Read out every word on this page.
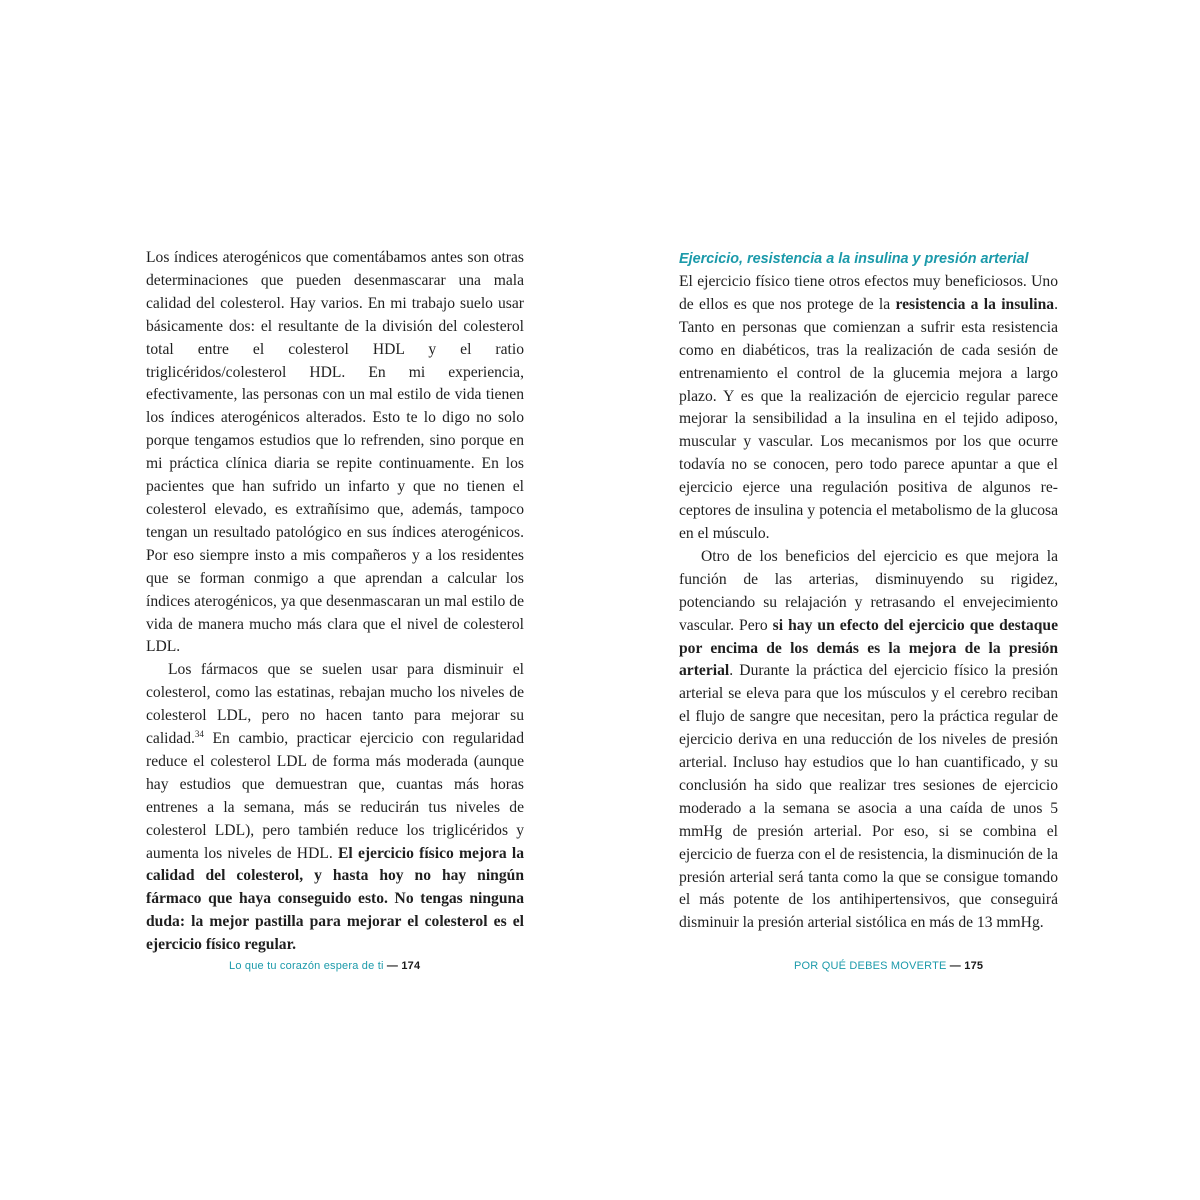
Los índices aterogénicos que comentábamos antes son otras determinaciones que pueden desenmascarar una mala calidad del colesterol. Hay varios. En mi trabajo suelo usar básicamente dos: el resultante de la división del colesterol total entre el colesterol HDL y el ratio triglicéridos/colesterol HDL. En mi experiencia, efectivamente, las personas con un mal estilo de vida tienen los índices aterogénicos alterados. Esto te lo digo no solo porque tengamos estudios que lo refrenden, sino porque en mi práctica clínica diaria se repite continuamente. En los pacientes que han sufrido un infarto y que no tienen el colesterol elevado, es extrañísimo que, además, tampoco tengan un resultado patológico en sus índices aterogénicos. Por eso siempre insto a mis compañeros y a los residentes que se forman conmigo a que aprendan a calcular los índices aterogénicos, ya que desenmascaran un mal estilo de vida de manera mucho más clara que el nivel de colesterol LDL.

Los fármacos que se suelen usar para disminuir el colesterol, como las estatinas, rebajan mucho los niveles de colesterol LDL, pero no hacen tanto para mejorar su calidad.$^{34}$ En cambio, practicar ejercicio con regularidad reduce el colesterol LDL de forma más moderada (aunque hay estudios que demuestran que, cuantas más horas entrenes a la semana, más se reducirán tus niveles de colesterol LDL), pero también reduce los triglicéridos y aumenta los niveles de HDL. El ejercicio físico mejora la calidad del colesterol, y hasta hoy no hay ningún fármaco que haya conseguido esto. No tengas ninguna duda: la mejor pastilla para mejorar el colesterol es el ejercicio físico regular.

Ejercicio, resistencia a la insulina y presión arterial

El ejercicio físico tiene otros efectos muy beneficiosos. Uno de ellos es que nos protege de la resistencia a la insulina. Tanto en personas que comienzan a sufrir esta resistencia como en diabéticos, tras la realización de cada sesión de entrenamiento el control de la glucemia mejora a largo plazo. Y es que la realización de ejercicio regular parece mejorar la sensibilidad a la insulina en el tejido adiposo, muscular y vascular. Los mecanismos por los que ocurre todavía no se conocen, pero todo parece apuntar a que el ejercicio ejerce una regulación positiva de algunos receptores de insulina y potencia el metabolismo de la glucosa en el músculo.

Otro de los beneficios del ejercicio es que mejora la función de las arterias, disminuyendo su rigidez, potenciando su relajación y retrasando el envejecimiento vascular. Pero si hay un efecto del ejercicio que destaque por encima de los demás es la mejora de la presión arterial. Durante la práctica del ejercicio físico la presión arterial se eleva para que los músculos y el cerebro reciban el flujo de sangre que necesitan, pero la práctica regular de ejercicio deriva en una reducción de los niveles de presión arterial. Incluso hay estudios que lo han cuantificado, y su conclusión ha sido que realizar tres sesiones de ejercicio moderado a la semana se asocia a una caída de unos 5 mmHg de presión arterial. Por eso, si se combina el ejercicio de fuerza con el de resistencia, la disminución de la presión arterial será tanta como la que se consigue tomando el más potente de los antihipertensivos, que conseguirá disminuir la presión arterial sistólica en más de 13 mmHg.

Lo que tu corazón espera de ti — 174	POR QUÉ DEBES MOVERTE — 175
